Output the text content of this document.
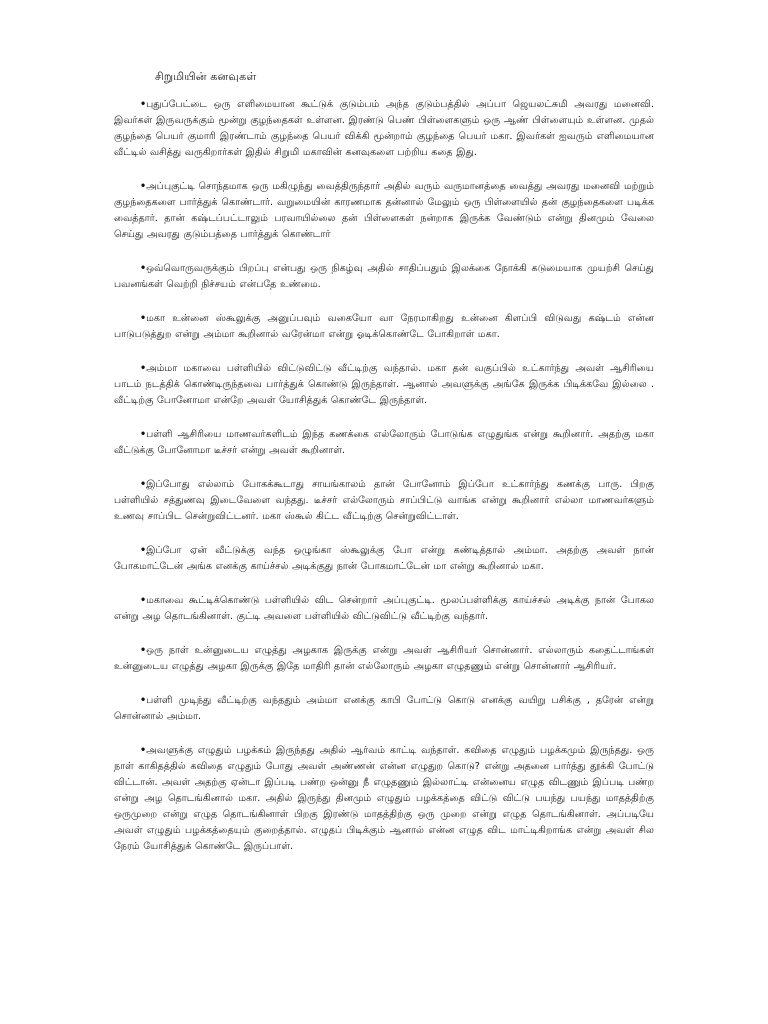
சிறுமியின் கனவுகள்

•புதுப்பேட்டை ஒரு எளிமையான கூட்டுக் குடும்பம் அந்த குடும்பத்தில் அப்பா ஜெயலட்சுமி அவரது மனைவி. இவர்கள் இருவருக்கும் மூன்று குழந்தைகள் உள்ளன. இரண்டு பெண் பிள்ளைகளும் ஒரு ஆண் பிள்ளையும் உள்ளன. முதல் குழந்தை பெயர் குமாரி இரண்டாம் குழந்தை பெயர் விக்கி மூன்றாம் குழந்தை பெயர் மகா. இவர்கள் ஐவரும் எளிமையான வீட்டில் வசித்து வருகிறார்கள் இதில் சிறுமி மகாவின் கனவுகளை பற்றிய கதை இது.

•அப்புகுட்டி சொந்தமாக ஒரு மகிழுந்து வைத்திருந்தார் அதில் வரும் வருமானத்தை வைத்து அவரது மனைவி மற்றும் குழந்தைகளை பார்த்துக் கொண்டார். வறுமையின் காரணமாக தன்னால் மேலும் ஒரு பிள்ளையில் தன் குழந்தைகளை படிக்க வைத்தார். தான் கஷ்டப்பட்டாலும் பரவாயில்லை தன் பிள்ளைகள் நன்றாக இருக்க வேண்டும் என்று தினமும் வேலை செய்து அவரது குடும்பத்தை பார்த்துக் கொண்டார்

•ஒவ்வொருவருக்கும் பிறப்பு என்பது ஒரு நிகழ்வு அதில் சாதிப்பதும் இலக்கை நோக்கி கடுமையாக முயற்சி செய்து பவனங்கள் வெற்றி நிச்சயம் என்பதே உண்மை.

•மகா உன்னை ஸ்கூலுக்கு அனுப்பவும் வகையோ வா நேரமாகிறது உன்னை கிளப்பி விடுவது கஷ்டம் என்ன பாடுபடுத்துற என்று அம்மா கூறினால் வரேன்மா என்று ஓடிக்கொண்டே போகிறாள் மகா.

•அம்மா மகாவை பள்ளியில் விட்டுவிட்டு வீட்டிற்கு வந்தால். மகா தன் வகுப்பில் உட்கார்ந்து அவள் ஆசிரியை பாடம் நடத்திக் கொண்டிருந்தவை பார்த்துக் கொண்டு இருந்தாள். ஆனால் அவளுக்கு அங்கே இருக்க பிடிக்கவே இல்லை . வீட்டிற்கு போனோமா என்றே அவள் யோசித்துக் கொண்டே இருந்தாள்.

•பள்ளி ஆசிரியை மாணவர்களிடம் இந்த கணக்கை எல்லோரும் போடுங்க எழுதுங்க என்று கூறினார். அதற்கு மகா வீட்டுக்கு போனோமா டீச்சர் என்று அவள் கூறினாள்.

•இப்போது எல்லாம் போகக்கூடாது சாயங்காலம் தான் போனோம் இப்போ உட்கார்ந்து கணக்கு பாரு. பிறகு பள்ளியில் சத்துணவு இடைவேளை வந்தது. டீச்சர் எல்லோரும் சாப்பிட்டு வாங்க என்று கூறினார் எல்லா மாணவர்களும் உணவு சாப்பிட சென்றுவிட்டனர். மகா ஸ்கூல் கிட்ட வீட்டிற்கு சென்றுவிட்டாள்.

•இப்போ ஏன் வீட்டுக்கு வந்த ஒழுங்கா ஸ்கூலுக்கு போ என்று கண்டித்தால் அம்மா. அதற்கு அவள் நான் போகமாட்டேன் அங்க எனக்கு காய்ச்சல் அடிக்குது நான் போகமாட்டேன் மா என்று கூறினால் மகா.

•மகாவை கூட்டிக்கொண்டு பள்ளியில் விட சென்றார் அப்புகுட்டி. மூலப்பள்ளிக்கு காய்ச்சல் அடிக்கு நான் போகல என்று அழ தொடங்கினாள். குட்டி அவளை பள்ளியில் விட்டுவிட்டு வீட்டிற்கு வந்தார்.

•ஒரு நாள் உன்னுடைய எழுத்து அழகாக இருக்கு என்று அவள் ஆசிரியர் சொன்னார். எல்லாரும் கதைட்டாங்கள் உன்னுடைய எழுத்து அழகா இருக்கு இதே மாதிரி தான் எல்லோரும் அழகா எழுதணும் என்று சொன்னார் ஆசிரியர்.

•பள்ளி முடிந்து வீட்டிற்கு வந்ததும் அம்மா எனக்கு காபி போட்டு கொடு எனக்கு வயிறு பசிக்கு , தரேன் என்று சொன்னால் அம்மா.

•அவளுக்கு எழுதும் பழக்கம் இருந்தது அதில் ஆர்வம் காட்டி வந்தாள். கவிதை எழுதும் பழக்கமும் இருந்தது. ஒரு நாள் காகிதத்தில் கவிதை எழுதும் போது அவள் அண்ணன் என்ன எழுதுற கொடு? என்று அதனை பார்த்து தூக்கி போட்டு விட்டான். அவள் அதற்கு ஏன்டா இப்படி பண்ற ஒன்னு நீ எழுதணும் இல்லாட்டி என்னைய எழுத விடணும் இப்படி பண்ற என்று அழ தொடங்கினால் மகா. அதில் இருந்து தினமும் எழுதும் பழக்கத்தை விட்டு விட்டு பயந்து பயந்து மாதத்திற்கு ஒருமுறை என்று எழுத தொடங்கினாள் பிறகு இரண்டு மாதத்திற்கு ஒரு முறை என்று எழுத தொடங்கினாள். அப்படியே அவள் எழுதும் பழக்கத்தையும் குறைத்தால். எழுதப் பிடிக்கும் ஆனால் என்ன எழுத விட மாட்டிகிறாங்க என்று அவள் சில நேரம் யோசித்துக் கொண்டே இருப்பாள்.
